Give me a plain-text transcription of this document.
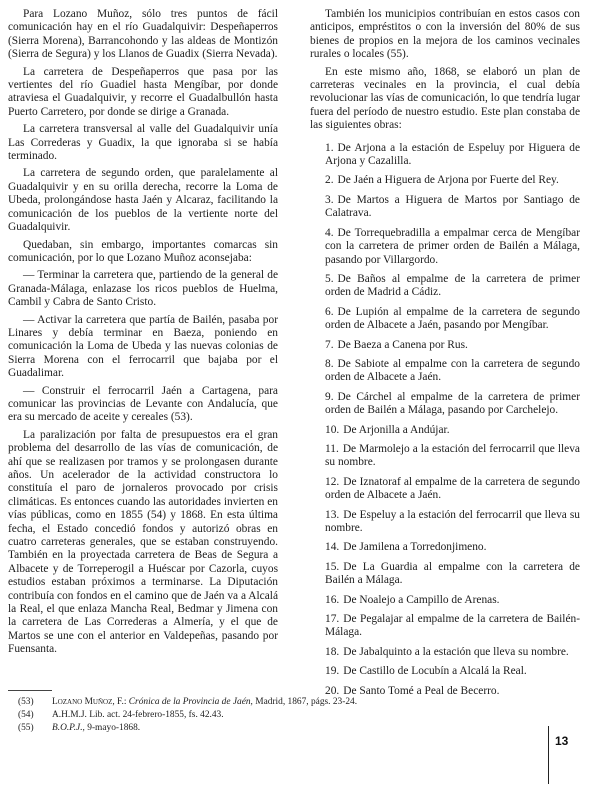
Para Lozano Muñoz, sólo tres puntos de fácil comunicación hay en el río Guadalquivir: Despeñaperros (Sierra Morena), Barrancohondo y las aldeas de Montizón (Sierra de Segura) y los Llanos de Guadix (Sierra Nevada).

La carretera de Despeñaperros que pasa por las vertientes del río Guadiel hasta Mengíbar, por donde atraviesa el Guadalquivir, y recorre el Guadalbullón hasta Puerto Carretero, por donde se dirige a Granada.

La carretera transversal al valle del Guadalquivir unía Las Correderas y Guadix, la que ignoraba si se había terminado.

La carretera de segundo orden, que paralelamente al Guadalquivir y en su orilla derecha, recorre la Loma de Ubeda, prolongándose hasta Jaén y Alcaraz, facilitando la comunicación de los pueblos de la vertiente norte del Guadalquivir.

Quedaban, sin embargo, importantes comarcas sin comunicación, por lo que Lozano Muñoz aconsejaba:

— Terminar la carretera que, partiendo de la general de Granada-Málaga, enlazase los ricos pueblos de Huelma, Cambil y Cabra de Santo Cristo.

— Activar la carretera que partía de Bailén, pasaba por Linares y debía terminar en Baeza, poniendo en comunicación la Loma de Ubeda y las nuevas colonias de Sierra Morena con el ferrocarril que bajaba por el Guadalimar.

— Construir el ferrocarril Jaén a Cartagena, para comunicar las provincias de Levante con Andalucía, que era su mercado de aceite y cereales (53).

La paralización por falta de presupuestos era el gran problema del desarrollo de las vías de comunicación, de ahí que se realizasen por tramos y se prolongasen durante años. Un acelerador de la actividad constructora lo constituía el paro de jornaleros provocado por crisis climáticas. Es entonces cuando las autoridades invierten en vías públicas, como en 1855 (54) y 1868. En esta última fecha, el Estado concedió fondos y autorizó obras en cuatro carreteras generales, que se estaban construyendo. También en la proyectada carretera de Beas de Segura a Albacete y de Torreperogil a Huéscar por Cazorla, cuyos estudios estaban próximos a terminarse. La Diputación contribuía con fondos en el camino que de Jaén va a Alcalá la Real, el que enlaza Mancha Real, Bedmar y Jimena con la carretera de Las Correderas a Almería, y el que de Martos se une con el anterior en Valdepeñas, pasando por Fuensanta.

También los municipios contribuían en estos casos con anticipos, empréstitos o con la inversión del 80% de sus bienes de propios en la mejora de los caminos vecinales rurales o locales (55).

En este mismo año, 1868, se elaboró un plan de carreteras vecinales en la provincia, el cual debía revolucionar las vías de comunicación, lo que tendría lugar fuera del período de nuestro estudio. Este plan constaba de las siguientes obras:

1. De Arjona a la estación de Espeluy por Higuera de Arjona y Cazalilla.
2. De Jaén a Higuera de Arjona por Fuerte del Rey.
3. De Martos a Higuera de Martos por Santiago de Calatrava.
4. De Torrequebradilla a empalmar cerca de Mengíbar con la carretera de primer orden de Bailén a Málaga, pasando por Villargordo.
5. De Baños al empalme de la carretera de primer orden de Madrid a Cádiz.
6. De Lupión al empalme de la carretera de segundo orden de Albacete a Jaén, pasando por Mengíbar.
7. De Baeza a Canena por Rus.
8. De Sabiote al empalme con la carretera de segundo orden de Albacete a Jaén.
9. De Cárchel al empalme de la carretera de primer orden de Bailén a Málaga, pasando por Carchelejo.
10. De Arjonilla a Andújar.
11. De Marmolejo a la estación del ferrocarril que lleva su nombre.
12. De Iznatoraf al empalme de la carretera de segundo orden de Albacete a Jaén.
13. De Espeluy a la estación del ferrocarril que lleva su nombre.
14. De Jamilena a Torredonjimeno.
15. De La Guardia al empalme con la carretera de Bailén a Málaga.
16. De Noalejo a Campillo de Arenas.
17. De Pegalajar al empalme de la carretera de Bailén-Málaga.
18. De Jabalquinto a la estación que lleva su nombre.
19. De Castillo de Locubín a Alcalá la Real.
20. De Santo Tomé a Peal de Becerro.
(53) Lozano Muñoz, F.: Crónica de la Provincia de Jaén, Madrid, 1867, págs. 23-24.
(54) A.H.M.J. Lib. act. 24-febrero-1855, fs. 42.43.
(55) B.O.P.J., 9-mayo-1868.
13
